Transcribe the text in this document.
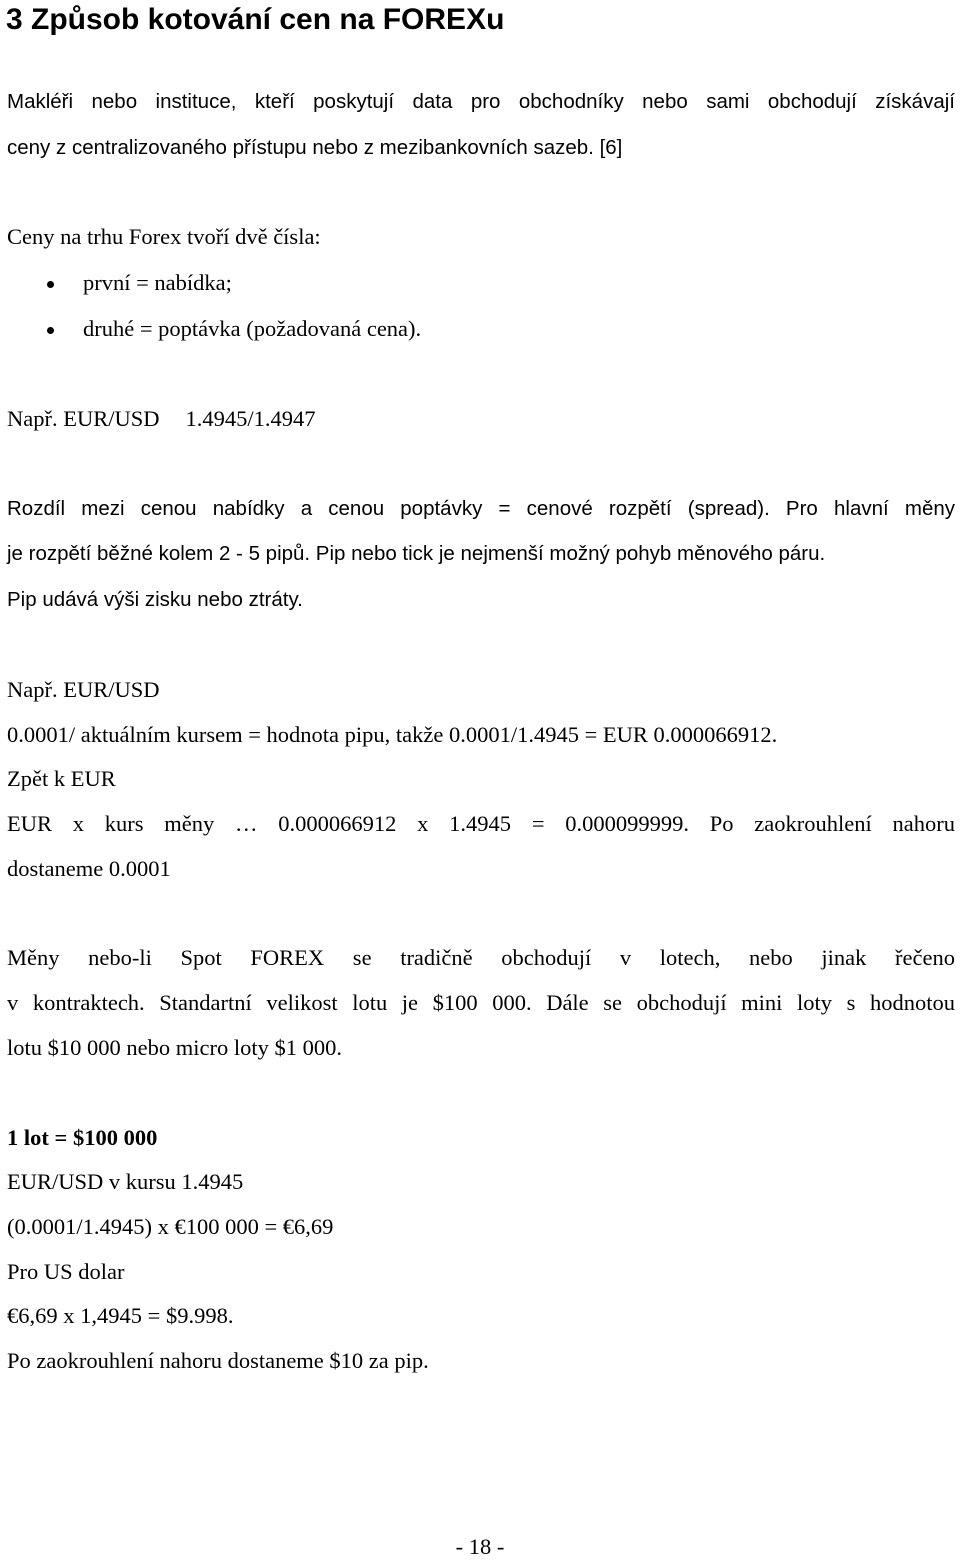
3 Způsob kotování cen na FOREXu
Makléři nebo instituce, kteří poskytují data pro obchodníky nebo sami obchodují získávají
ceny z centralizovaného přístupu nebo z mezibankovních sazeb. [6]
Ceny na trhu Forex tvoří dvě čísla:
první = nabídka;
druhé = poptávka (požadovaná cena).
Např. EUR/USD 1.4945/1.4947
Rozdíl mezi cenou nabídky a cenou poptávky = cenové rozpětí (spread). Pro hlavní měny
je rozpětí běžné kolem 2 - 5 pipů. Pip nebo tick je nejmenší možný pohyb měnového páru.
Pip udává výši zisku nebo ztráty.
Např. EUR/USD
0.0001/ aktuálním kursem = hodnota pipu, takže 0.0001/1.4945 = EUR 0.000066912.
Zpět k EUR
EUR x kurs měny … 0.000066912 x 1.4945 = 0.000099999. Po zaokrouhlení nahoru
dostaneme 0.0001
Měny nebo-li Spot FOREX se tradičně obchodují v lotech, nebo jinak řečeno
v kontraktech. Standartní velikost lotu je $100 000. Dále se obchodují mini loty s hodnotou
lotu $10 000 nebo micro loty $1 000.
1 lot = $100 000
EUR/USD v kursu 1.4945
(0.0001/1.4945) x €100 000 = €6,69
Pro US dolar
€6,69 x 1,4945 = $9.998.
Po zaokrouhlení nahoru dostaneme $10 za pip.
- 18 -
